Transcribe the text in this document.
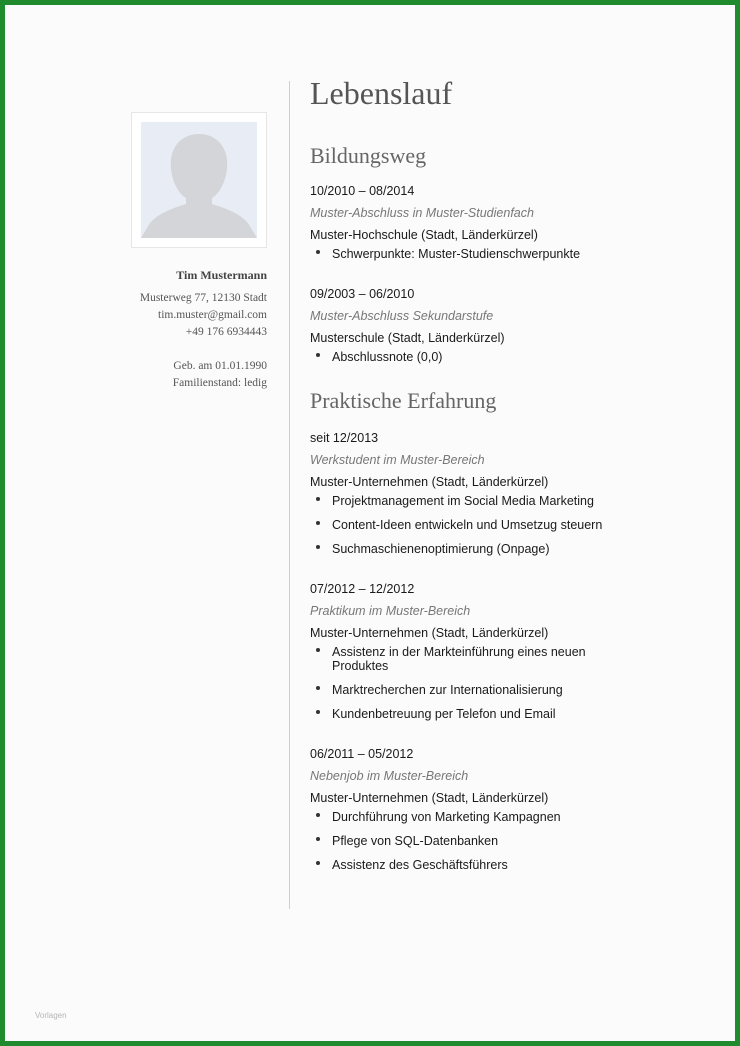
Tim Mustermann
Musterweg 77, 12130 Stadt
tim.muster@gmail.com
+49 176 6934443
Geb. am 01.01.1990
Familienstand: ledig
Lebenslauf
Bildungsweg
10/2010 – 08/2014
Muster-Abschluss in Muster-Studienfach
Muster-Hochschule (Stadt, Länderkürzel)
Schwerpunkte: Muster-Studienschwerpunkte
09/2003 – 06/2010
Muster-Abschluss Sekundarstufe
Musterschule (Stadt, Länderkürzel)
Abschlussnote (0,0)
Praktische Erfahrung
seit 12/2013
Werkstudent im Muster-Bereich
Muster-Unternehmen (Stadt, Länderkürzel)
Projektmanagement im Social Media Marketing
Content-Ideen entwickeln und Umsetzug steuern
Suchmaschienenoptimierung (Onpage)
07/2012 – 12/2012
Praktikum im Muster-Bereich
Muster-Unternehmen (Stadt, Länderkürzel)
Assistenz in der Markteinführung eines neuen Produktes
Marktrecherchen zur Internationalisierung
Kundenbetreuung per Telefon und Email
06/2011 – 05/2012
Nebenjob im Muster-Bereich
Muster-Unternehmen (Stadt, Länderkürzel)
Durchführung von Marketing Kampagnen
Pflege von SQL-Datenbanken
Assistenz des Geschäftsführers
Vorlagen
